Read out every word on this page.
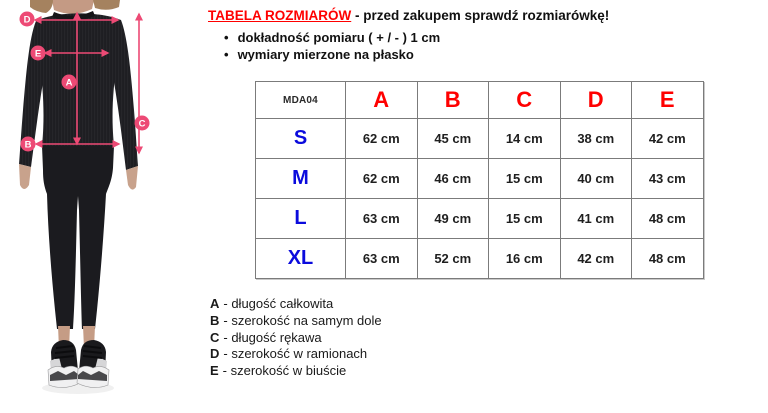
D
E
A
C
B
TABELA ROZMIARÓW - przed zakupem sprawdź rozmiarówkę!
• dokładność pomiaru ( + / - ) 1 cm
• wymiary mierzone na płasko
MDA04	A	B	C	D	E
S	62 cm	45 cm	14 cm	38 cm	42 cm
M	62 cm	46 cm	15 cm	40 cm	43 cm
L	63 cm	49 cm	15 cm	41 cm	48 cm
XL	63 cm	52 cm	16 cm	42 cm	48 cm
A - długość całkowita
B - szerokość na samym dole
C - długość rękawa
D - szerokość w ramionach
E - szerokość w biuście
